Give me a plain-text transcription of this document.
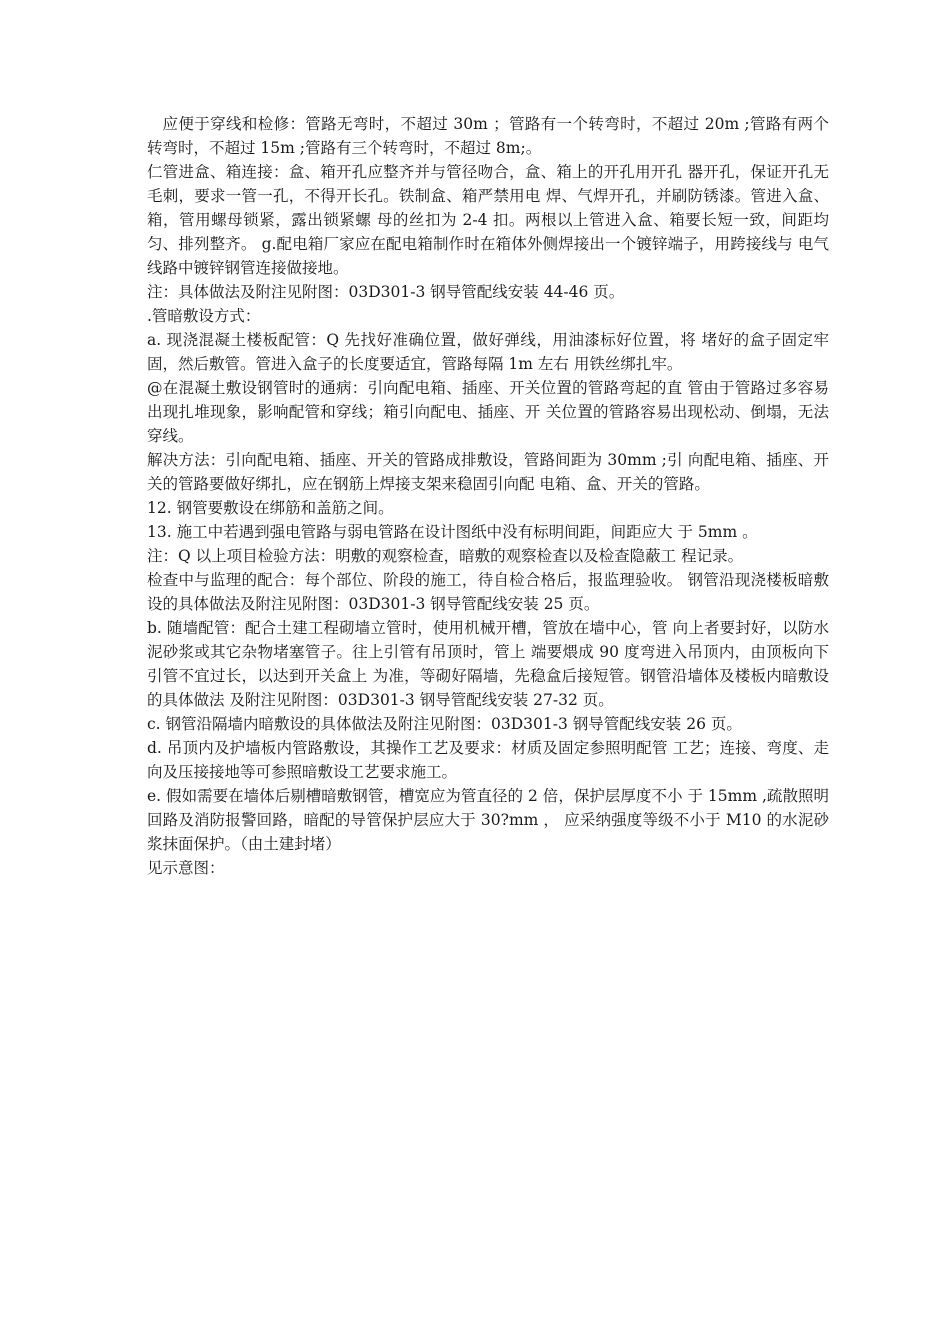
应便于穿线和检修：管路无弯时，不超过 30m ；管路有一个转弯时，不超过 20m ;管路有两个转弯时，不超过 15m ;管路有三个转弯时，不超过 8m;。

仁管进盒、箱连接：盒、箱开孔应整齐并与管径吻合，盒、箱上的开孔用开孔 器开孔，保证开孔无毛刺，要求一管一孔，不得开长孔。铁制盒、箱严禁用电 焊、气焊开孔，并刷防锈漆。管进入盒、箱，管用螺母锁紧，露出锁紧螺 母的丝扣为 2-4 扣。两根以上管进入盒、箱要长短一致，间距均匀、排列整齐。 g.配电箱厂家应在配电箱制作时在箱体外侧焊接出一个镀锌端子，用跨接线与 电气线路中镀锌钢管连接做接地。

注：具体做法及附注见附图：03D301-3 钢导管配线安装 44-46 页。

.管暗敷设方式：

a. 现浇混凝土楼板配管：Q 先找好准确位置，做好弹线，用油漆标好位置，将 堵好的盒子固定牢固，然后敷管。管进入盒子的长度要适宜，管路每隔 1m 左右 用铁丝绑扎牢。

@在混凝土敷设钢管时的通病：引向配电箱、插座、开关位置的管路弯起的直 管由于管路过多容易出现扎堆现象，影响配管和穿线；箱引向配电、插座、开 关位置的管路容易出现松动、倒塌，无法穿线。

解决方法：引向配电箱、插座、开关的管路成排敷设，管路间距为 30mm ;引 向配电箱、插座、开关的管路要做好绑扎，应在钢筋上焊接支架来稳固引向配 电箱、盒、开关的管路。

12. 钢管要敷设在绑筋和盖筋之间。

13. 施工中若遇到强电管路与弱电管路在设计图纸中没有标明间距，间距应大 于 5mm 。

注：Q 以上项目检验方法：明敷的观察检查，暗敷的观察检查以及检查隐蔽工 程记录。

检查中与监理的配合：每个部位、阶段的施工，待自检合格后，报监理验收。 钢管沿现浇楼板暗敷设的具体做法及附注见附图：03D301-3 钢导管配线安装 25 页。

b. 随墙配管：配合土建工程砌墙立管时，使用机械开槽，管放在墙中心，管 向上者要封好，以防水泥砂浆或其它杂物堵塞管子。往上引管有吊顶时，管上 端要煨成 90 度弯进入吊顶内，由顶板向下引管不宜过长，以达到开关盒上 为准，等砌好隔墙，先稳盒后接短管。钢管沿墙体及楼板内暗敷设的具体做法 及附注见附图：03D301-3 钢导管配线安装 27-32 页。

c. 钢管沿隔墙内暗敷设的具体做法及附注见附图：03D301-3 钢导管配线安装 26 页。

d. 吊顶内及护墙板内管路敷设，其操作工艺及要求：材质及固定参照明配管 工艺；连接、弯度、走向及压接接地等可参照暗敷设工艺要求施工。

e. 假如需要在墙体后剔槽暗敷钢管，槽宽应为管直径的 2 倍，保护层厚度不小 于 15mm ,疏散照明回路及消防报警回路，暗配的导管保护层应大于 30?mm ， 应采纳强度等级不小于 M10 的水泥砂浆抹面保护。（由土建封堵）

见示意图：
